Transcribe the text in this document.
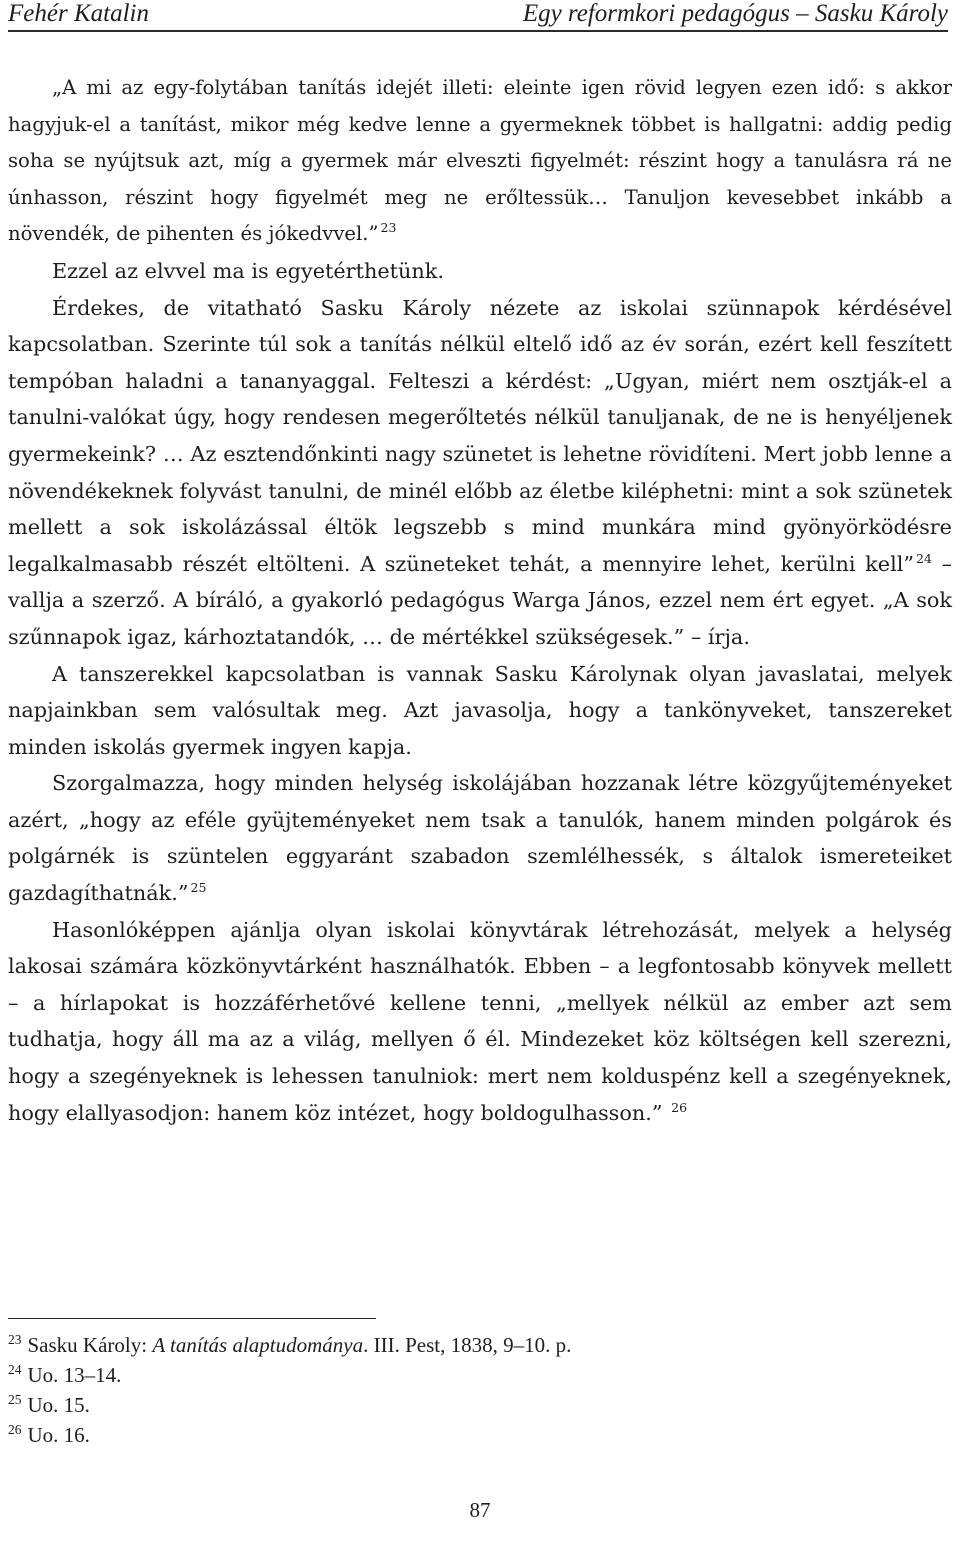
Fehér Katalin	Egy reformkori pedagógus – Sasku Károly

„A mi az egy-folytában tanítás idejét illeti: eleinte igen rövid legyen ezen idő: s akkor hagyjuk-el a tanítást, mikor még kedve lenne a gyermeknek többet is hallgatni: addig pedig soha se nyújtsuk azt, míg a gyermek már elveszti figyelmét: részint hogy a tanulásra rá ne únhasson, részint hogy figyelmét meg ne erőltessük… Tanuljon kevesebbet inkább a növendék, de pihenten és jókedvvel.” $^{23}$

Ezzel az elvvel ma is egyetérthetünk.

Érdekes, de vitatható Sasku Károly nézete az iskolai szünnapok kérdésével kapcsolatban. Szerinte túl sok a tanítás nélkül eltelő idő az év során, ezért kell feszített tempóban haladni a tananyaggal. Felteszi a kérdést: „Ugyan, miért nem osztják-el a tanulni-valókat úgy, hogy rendesen megerőltetés nélkül tanuljanak, de ne is henyéljenek gyermekeink? … Az esztendőnkinti nagy szünetet is lehetne rövidíteni. Mert jobb lenne a növendékeknek folyvást tanulni, de minél előbb az életbe kiléphetni: mint a sok szünetek mellett a sok iskolázással éltök legszebb s mind munkára mind gyönyörködésre legalkalmasabb részét eltölteni. A szüneteket tehát, a mennyire lehet, kerülni kell” $^{24}$ – vallja a szerző. A bíráló, a gyakorló pedagógus Warga János, ezzel nem ért egyet. „A sok szűnnapok igaz, kárhoztatandók, … de mértékkel szükségesek.” – írja.

A tanszerekkel kapcsolatban is vannak Sasku Károlynak olyan javaslatai, melyek napjainkban sem valósultak meg. Azt javasolja, hogy a tankönyveket, tanszereket minden iskolás gyermek ingyen kapja.

Szorgalmazza, hogy minden helység iskolájában hozzanak létre közgyűjteményeket azért, „hogy az eféle gyüjteményeket nem tsak a tanulók, hanem minden polgárok és polgárnék is szüntelen eggyaránt szabadon szemlélhessék, s általok ismereteiket gazdagíthatnák.” $^{25}$

Hasonlóképpen ajánlja olyan iskolai könyvtárak létrehozását, melyek a helység lakosai számára közkönyvtárként használhatók. Ebben – a legfontosabb könyvek mellett – a hírlapokat is hozzáférhetővé kellene tenni, „mellyek nélkül az ember azt sem tudhatja, hogy áll ma az a világ, mellyen ő él. Mindezeket köz költségen kell szerezni, hogy a szegényeknek is lehessen tanulniok: mert nem kolduspénz kell a szegényeknek, hogy elallyasodjon: hanem köz intézet, hogy boldogulhasson.” $^{26}$

$^{23}$ Sasku Károly: A tanítás alaptudománya. III. Pest, 1838, 9–10. p.
$^{24}$ Uo. 13–14.
$^{25}$ Uo. 15.
$^{26}$ Uo. 16.
87
